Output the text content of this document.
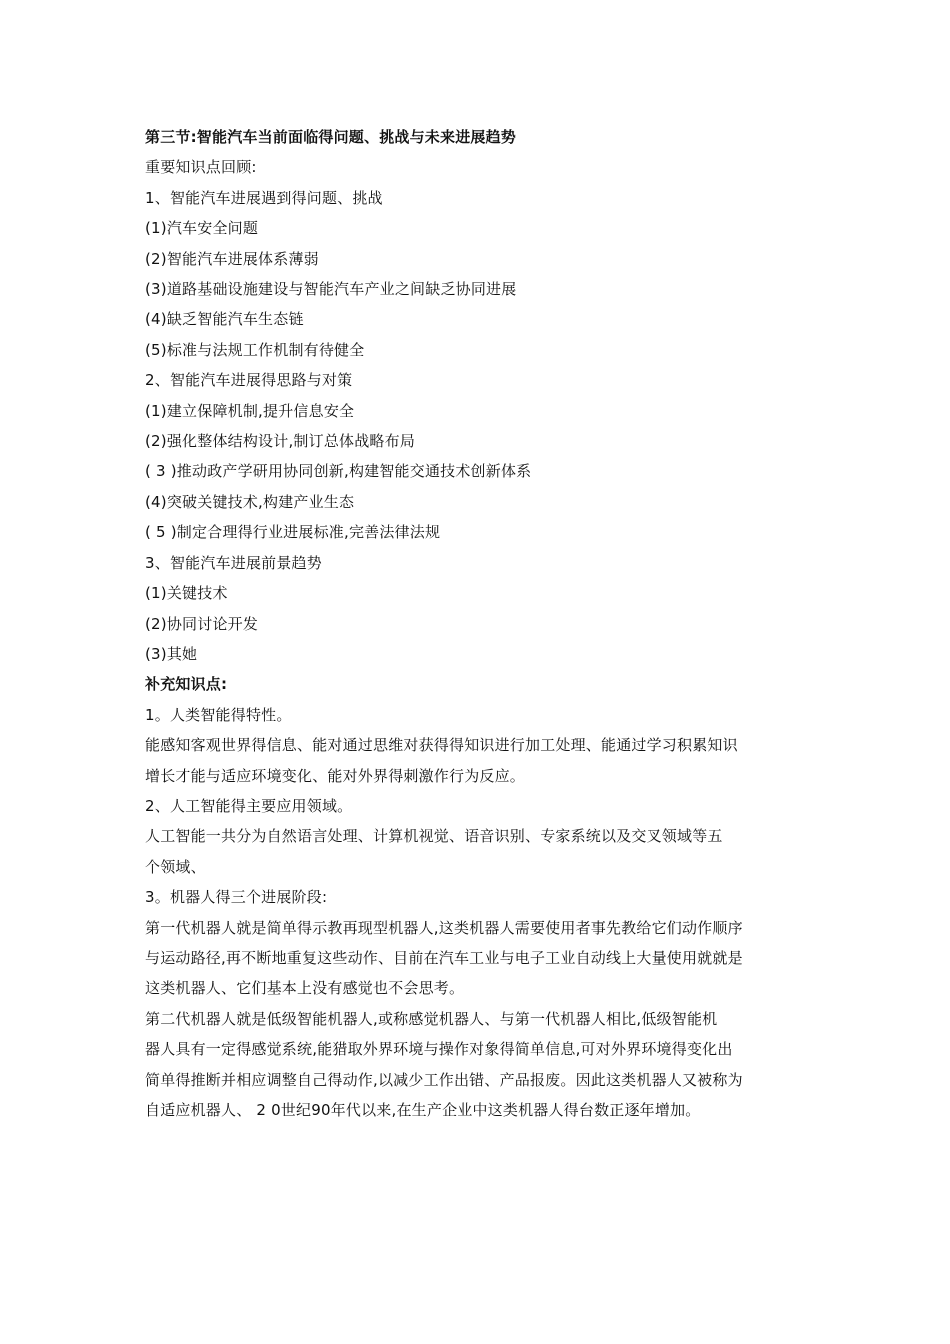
第三节:智能汽车当前面临得问题、挑战与未来进展趋势
重要知识点回顾:
1、智能汽车进展遇到得问题、挑战
(1)汽车安全问题
(2)智能汽车进展体系薄弱
(3)道路基础设施建设与智能汽车产业之间缺乏协同进展
(4)缺乏智能汽车生态链
(5)标准与法规工作机制有待健全
2、智能汽车进展得思路与对策
(1)建立保障机制,提升信息安全
(2)强化整体结构设计,制订总体战略布局
( 3 )推动政产学研用协同创新,构建智能交通技术创新体系
(4)突破关键技术,构建产业生态
( 5 )制定合理得行业进展标准,完善法律法规
3、智能汽车进展前景趋势
(1)关键技术
(2)协同讨论开发
(3)其她
补充知识点:
1。人类智能得特性。
能感知客观世界得信息、能对通过思维对获得得知识进行加工处理、能通过学习积累知识
增长才能与适应环境变化、能对外界得刺激作行为反应。
2、人工智能得主要应用领域。
人工智能一共分为自然语言处理、计算机视觉、语音识别、专家系统以及交叉领域等五
个领域、
3。机器人得三个进展阶段:
第一代机器人就是简单得示教再现型机器人,这类机器人需要使用者事先教给它们动作顺序
与运动路径,再不断地重复这些动作、目前在汽车工业与电子工业自动线上大量使用就就是
这类机器人、它们基本上没有感觉也不会思考。
第二代机器人就是低级智能机器人,或称感觉机器人、与第一代机器人相比,低级智能机
器人具有一定得感觉系统,能猎取外界环境与操作对象得简单信息,可对外界环境得变化出
简单得推断并相应调整自己得动作,以减少工作出错、产品报废。因此这类机器人又被称为
自适应机器人、 2 0世纪90年代以来,在生产企业中这类机器人得台数正逐年增加。
